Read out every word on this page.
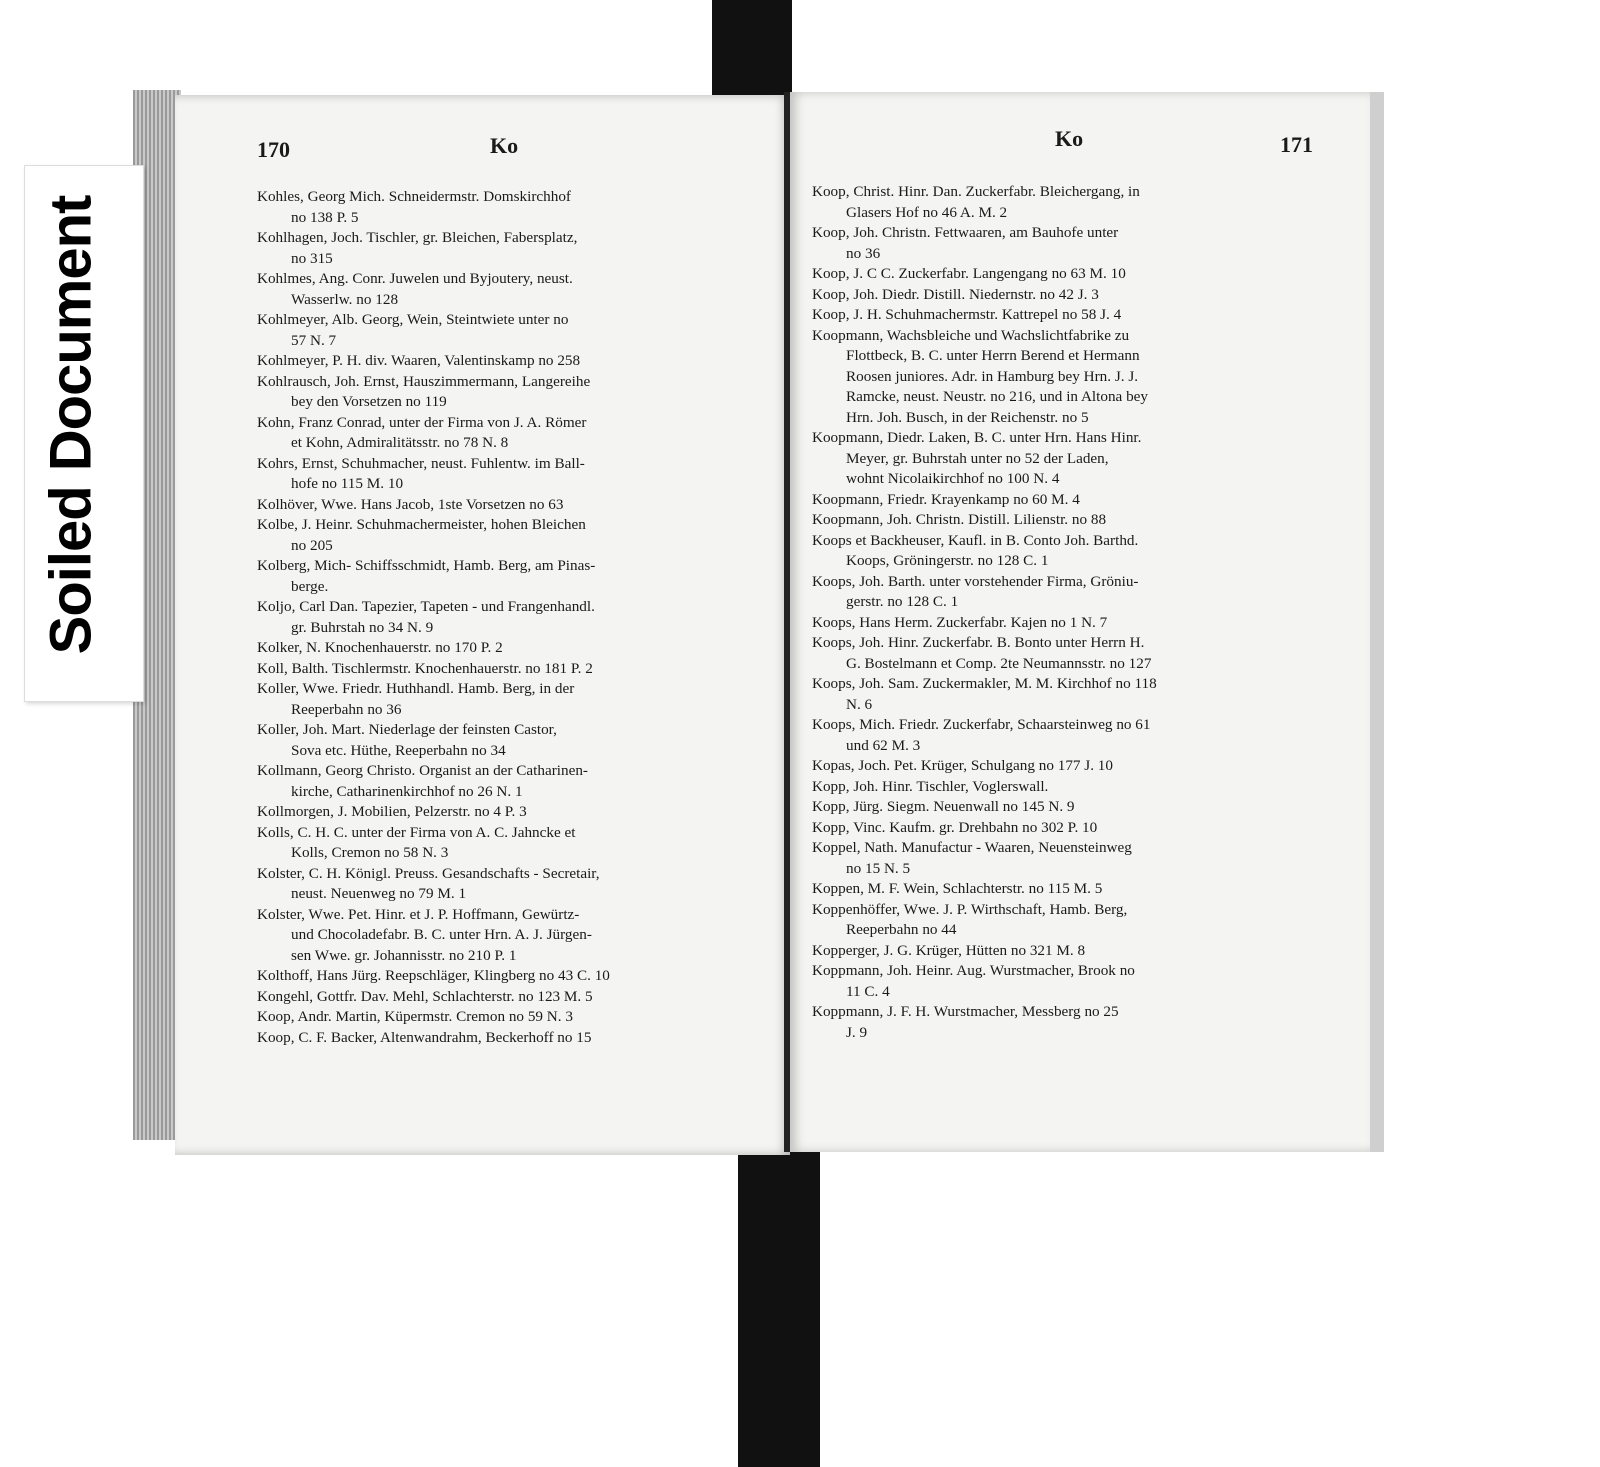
170	Ko
Kohles, Georg Mich. Schneidermstr. Domskirchhof
no 138 P. 5
Kohlhagen, Joch. Tischler, gr. Bleichen, Fabersplatz,
no 315
Kohlmes, Ang. Conr. Juwelen und Byjoutery, neust.
Wasserlw. no 128
Kohlmeyer, Alb. Georg, Wein, Steintwiete unter no
57 N. 7
Kohlmeyer, P. H. div. Waaren, Valentinskamp no 258
Kohlrausch, Joh. Ernst, Hauszimmermann, Langereihe
bey den Vorsetzen no 119
Kohn, Franz Conrad, unter der Firma von J. A. Römer
et Kohn, Admiralitätsstr. no 78 N. 8
Kohrs, Ernst, Schuhmacher, neust. Fuhlentw. im Ball-
hofe no 115 M. 10
Kolhöver, Wwe. Hans Jacob, 1ste Vorsetzen no 63
Kolbe, J. Heinr. Schuhmachermeister, hohen Bleichen
no 205
Kolberg, Mich- Schiffsschmidt, Hamb. Berg, am Pinas-
berge.
Koljo, Carl Dan. Tapezier, Tapeten - und Frangenhandl.
gr. Buhrstah no 34 N. 9
Kolker, N. Knochenhauerstr. no 170 P. 2
Koll, Balth. Tischlermstr. Knochenhauerstr. no 181 P. 2
Koller, Wwe. Friedr. Huthhandl. Hamb. Berg, in der
Reeperbahn no 36
Koller, Joh. Mart. Niederlage der feinsten Castor,
Sova etc. Hüthe, Reeperbahn no 34
Kollmann, Georg Christo. Organist an der Catharinen-
kirche, Catharinenkirchhof no 26 N. 1
Kollmorgen, J. Mobilien, Pelzerstr. no 4 P. 3
Kolls, C. H. C. unter der Firma von A. C. Jahncke et
Kolls, Cremon no 58 N. 3
Kolster, C. H. Königl. Preuss. Gesandschafts - Secretair,
neust. Neuenweg no 79 M. 1
Kolster, Wwe. Pet. Hinr. et J. P. Hoffmann, Gewürtz-
und Chocoladefabr. B. C. unter Hrn. A. J. Jürgen-
sen Wwe. gr. Johannisstr. no 210 P. 1
Kolthoff, Hans Jürg. Reepschläger, Klingberg no 43 C. 10
Kongehl, Gottfr. Dav. Mehl, Schlachterstr. no 123 M. 5
Koop, Andr. Martin, Küpermstr. Cremon no 59 N. 3
Koop, C. F. Backer, Altenwandrahm, Beckerhoff no 15
Ko	171
Koop, Christ. Hinr. Dan. Zuckerfabr. Bleichergang, in
Glasers Hof no 46 A. M. 2
Koop, Joh. Christn. Fettwaaren, am Bauhofe unter
no 36
Koop, J. C C. Zuckerfabr. Langengang no 63 M. 10
Koop, Joh. Diedr. Distill. Niedernstr. no 42 J. 3
Koop, J. H. Schuhmachermstr. Kattrepel no 58 J. 4
Koopmann, Wachsbleiche und Wachslichtfabrike zu
Flottbeck, B. C. unter Herrn Berend et Hermann
Roosen juniores. Adr. in Hamburg bey Hrn. J. J.
Ramcke, neust. Neustr. no 216, und in Altona bey
Hrn. Joh. Busch, in der Reichenstr. no 5
Koopmann, Diedr. Laken, B. C. unter Hrn. Hans Hinr.
Meyer, gr. Buhrstah unter no 52 der Laden,
wohnt Nicolaikirchhof no 100 N. 4
Koopmann, Friedr. Krayenkamp no 60 M. 4
Koopmann, Joh. Christn. Distill. Lilienstr. no 88
Koops et Backheuser, Kaufl. in B. Conto Joh. Barthd.
Koops, Gröningerstr. no 128 C. 1
Koops, Joh. Barth. unter vorstehender Firma, Gröniu-
gerstr. no 128 C. 1
Koops, Hans Herm. Zuckerfabr. Kajen no 1 N. 7
Koops, Joh. Hinr. Zuckerfabr. B. Bonto unter Herrn H.
G. Bostelmann et Comp. 2te Neumannsstr. no 127
Koops, Joh. Sam. Zuckermakler, M. M. Kirchhof no 118
N. 6
Koops, Mich. Friedr. Zuckerfabr, Schaarsteinweg no 61
und 62 M. 3
Kopas, Joch. Pet. Krüger, Schulgang no 177 J. 10
Kopp, Joh. Hinr. Tischler, Voglerswall.
Kopp, Jürg. Siegm. Neuenwall no 145 N. 9
Kopp, Vinc. Kaufm. gr. Drehbahn no 302 P. 10
Koppel, Nath. Manufactur - Waaren, Neuensteinweg
no 15 N. 5
Koppen, M. F. Wein, Schlachterstr. no 115 M. 5
Koppenhöffer, Wwe. J. P. Wirthschaft, Hamb. Berg,
Reeperbahn no 44
Kopperger, J. G. Krüger, Hütten no 321 M. 8
Koppmann, Joh. Heinr. Aug. Wurstmacher, Brook no
11 C. 4
Koppmann, J. F. H. Wurstmacher, Messberg no 25
J. 9
Soiled Document
